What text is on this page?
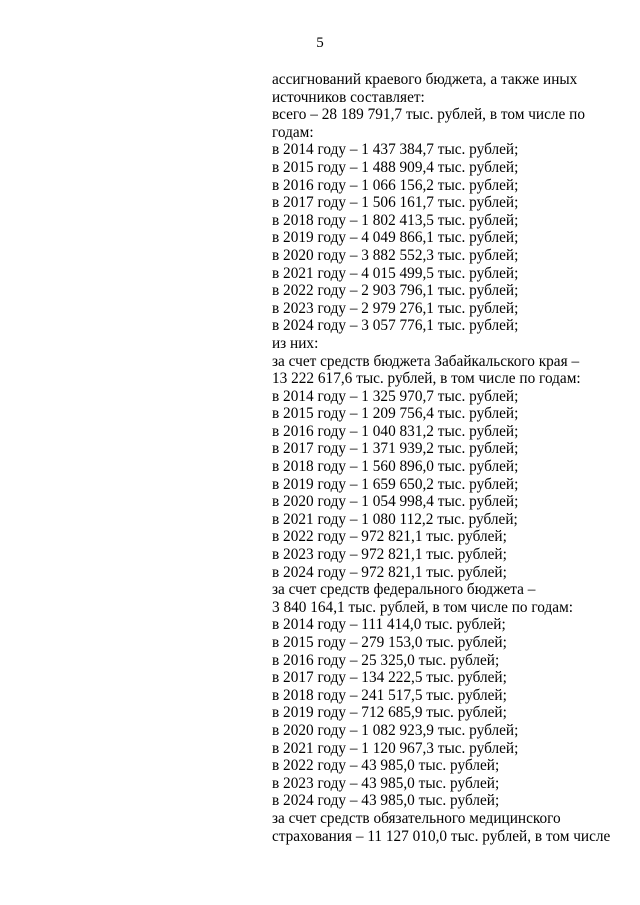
5
ассигнований краевого бюджета, а также иных
источников составляет:
всего – 28 189 791,7 тыс. рублей, в том числе по
годам:
в 2014 году – 1 437 384,7 тыс. рублей;
в 2015 году – 1 488 909,4 тыс. рублей;
в 2016 году – 1 066 156,2 тыс. рублей;
в 2017 году – 1 506 161,7 тыс. рублей;
в 2018 году – 1 802 413,5 тыс. рублей;
в 2019 году – 4 049 866,1 тыс. рублей;
в 2020 году – 3 882 552,3 тыс. рублей;
в 2021 году – 4 015 499,5 тыс. рублей;
в 2022 году – 2 903 796,1 тыс. рублей;
в 2023 году – 2 979 276,1 тыс. рублей;
в 2024 году – 3 057 776,1 тыс. рублей;
из них:
за счет средств бюджета Забайкальского края –
13 222 617,6 тыс. рублей, в том числе по годам:
в 2014 году – 1 325 970,7 тыс. рублей;
в 2015 году – 1 209 756,4 тыс. рублей;
в 2016 году – 1 040 831,2 тыс. рублей;
в 2017 году – 1 371 939,2 тыс. рублей;
в 2018 году – 1 560 896,0 тыс. рублей;
в 2019 году – 1 659 650,2 тыс. рублей;
в 2020 году – 1 054 998,4 тыс. рублей;
в 2021 году – 1 080 112,2 тыс. рублей;
в 2022 году – 972 821,1 тыс. рублей;
в 2023 году – 972 821,1 тыс. рублей;
в 2024 году – 972 821,1 тыс. рублей;
за счет средств федерального бюджета –
3 840 164,1 тыс. рублей, в том числе по годам:
в 2014 году – 111 414,0 тыс. рублей;
в 2015 году – 279 153,0 тыс. рублей;
в 2016 году – 25 325,0 тыс. рублей;
в 2017 году – 134 222,5 тыс. рублей;
в 2018 году – 241 517,5 тыс. рублей;
в 2019 году – 712 685,9 тыс. рублей;
в 2020 году – 1 082 923,9 тыс. рублей;
в 2021 году – 1 120 967,3 тыс. рублей;
в 2022 году – 43 985,0 тыс. рублей;
в 2023 году – 43 985,0 тыс. рублей;
в 2024 году – 43 985,0 тыс. рублей;
за счет средств обязательного медицинского
страхования – 11 127 010,0 тыс. рублей, в том числе
